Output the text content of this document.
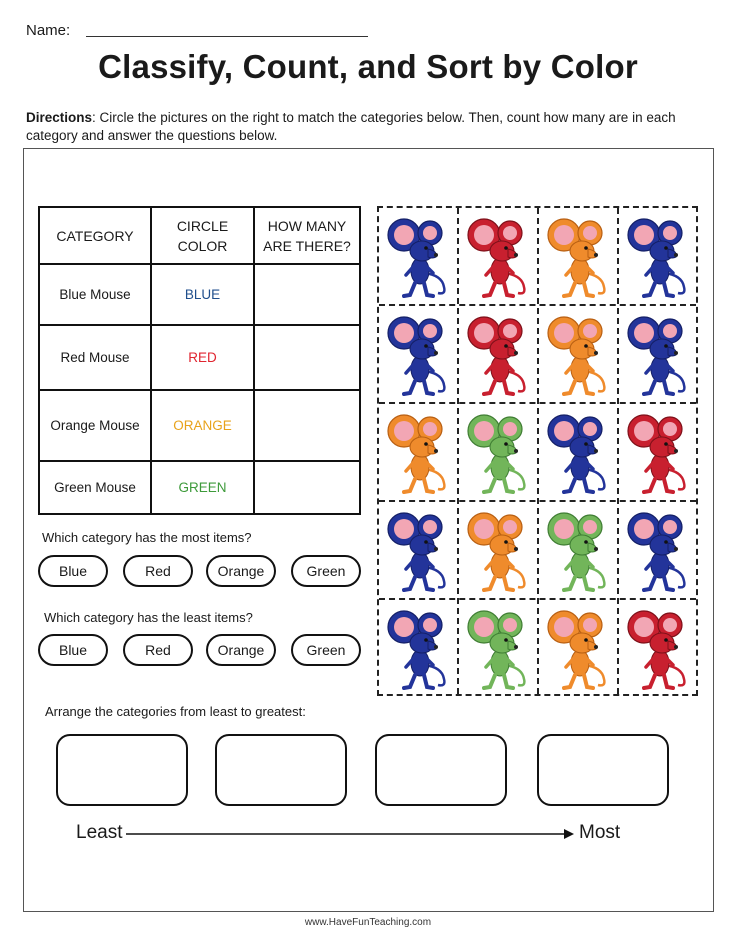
Name:
Classify, Count, and Sort by Color
Directions: Circle the pictures on the right to match the categories below. Then, count how many are in each category and answer the questions below.
CATEGORY	CIRCLE COLOR	HOW MANY ARE THERE?

Blue Mouse	BLUE	
Red Mouse	RED	
Orange Mouse	ORANGE	
Green Mouse	GREEN	
Which category has the most items?
Blue	Red	Orange	Green
Which category has the least items?
Blue	Red	Orange	Green
Arrange the categories from least to greatest:
Least	Most
www.HaveFunTeaching.com
